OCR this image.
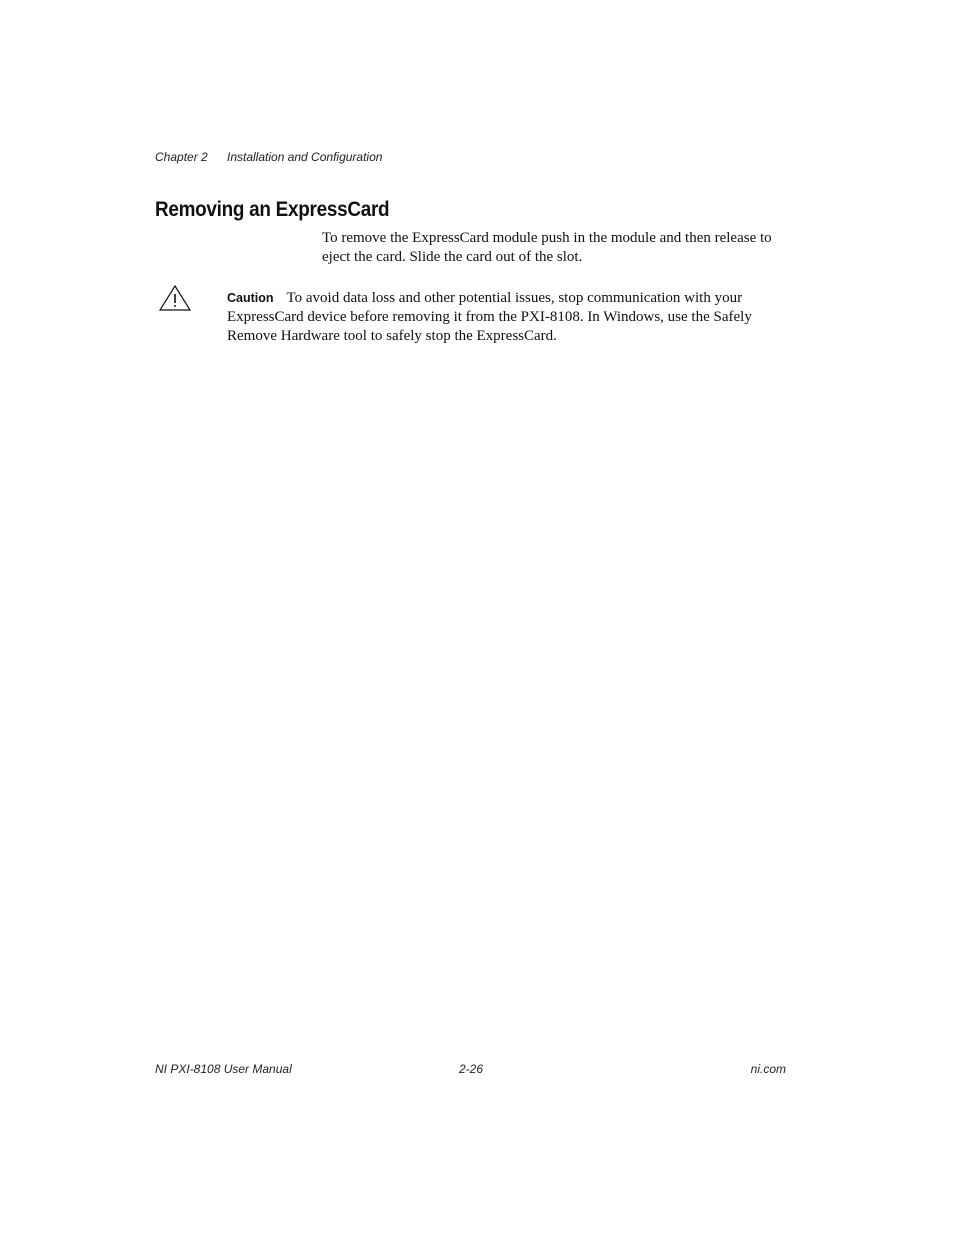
Chapter 2 Installation and Configuration
Removing an ExpressCard

To remove the ExpressCard module push in the module and then release to eject the card. Slide the card out of the slot.

Caution To avoid data loss and other potential issues, stop communication with your ExpressCard device before removing it from the PXI-8108. In Windows, use the Safely Remove Hardware tool to safely stop the ExpressCard.

NI PXI-8108 User Manual	2-26	ni.com
